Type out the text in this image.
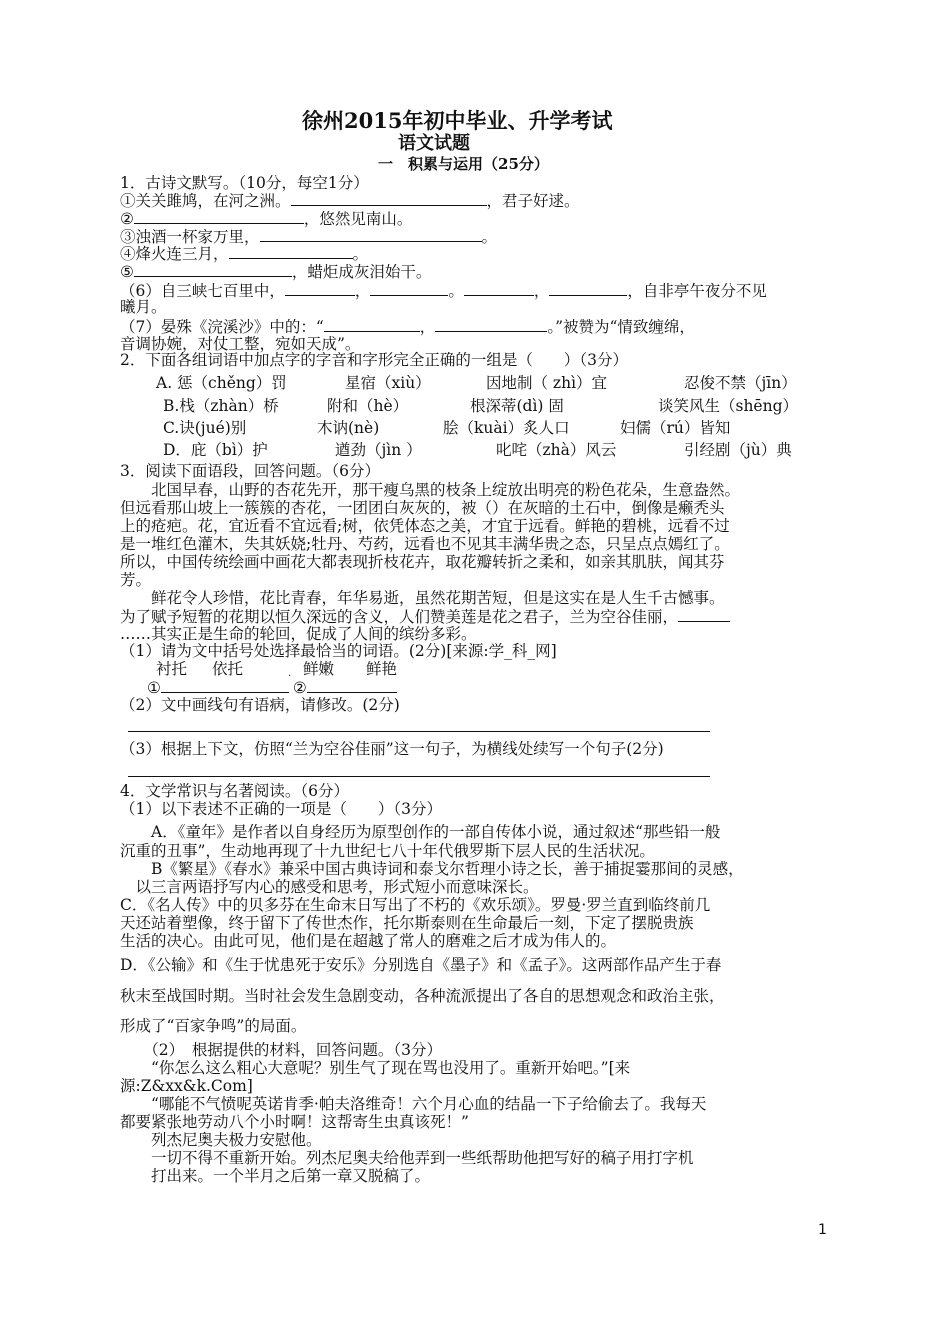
徐州2015年初中毕业、升学考试
语文试题
一　积累与运用（25分）
1．古诗文默写。（10分，每空1分）
①关关雎鸠，在河之洲。	，君子好逑。
②	，悠然见南山。
③浊酒一杯家万里，	。
④烽火连三月，	。
⑤	，蜡炬成灰泪始干。
（6）自三峡七百里中，	，	。	，	，自非亭午夜分不见
曦月。
（7）晏殊《浣溪沙》中的：“	，	。”被赞为“情致缠绵，
音调协婉，对仗工整，宛如天成”。
2．下面各组词语中加点字的字音和字形完全正确的一组是（　　）（3分）
A. 惩（chěng）罚	星宿（xiù）	因地制（ zhì）宜	忍俊不禁（jīn）
B.栈（zhàn）桥	附和（hè）	根深蒂(dì) 固	谈笑风生（shēng）
C.诀(jué)别	木讷(nè)	脍（kuài）炙人口	妇儒（rú）皆知
D．庇（bì）护	遒劲（jìn ）	叱咤（zhà）风云	引经剧（jù）典
3．阅读下面语段，回答问题。（6分）
　　北国早春，山野的杏花先开，那干瘦乌黑的枝条上绽放出明亮的粉色花朵，生意盎然。
但远看那山坡上一簇簇的杏花，一团团白灰灰的，被（）在灰暗的土石中，倒像是癞秃头
上的疮疤。花，宜近看不宜远看;树，依凭体态之美，才宜于远看。鲜艳的碧桃，远看不过
是一堆红色灌木，失其妖娆;牡丹、芍药，远看也不见其丰满华贵之态，只呈点点嫣红了。
所以，中国传统绘画中画花大都表现折枝花卉，取花瓣转折之柔和，如亲其肌肤，闻其芬
芳。
　　鲜花令人珍惜，花比青春，年华易逝，虽然花期苦短，但是这实在是人生千古憾事。
为了赋予短暂的花期以恒久深远的含义，人们赞美莲是花之君子，兰为空谷佳丽，
……其实正是生命的轮回，促成了人间的缤纷多彩。
（1）请为文中括号处选择最恰当的词语。(2分)[来源:学_科_网]
衬托 依托	鲜嫩 鲜艳
.
①	②
（2）文中画线句有语病，请修改。(2分)
（3）根据上下文，仿照“兰为空谷佳丽”这一句子，为横线处续写一个句子(2分)
4．文学常识与名著阅读。（6分）
（1）以下表述不正确的一项是（　　）（3分）
　　A．《童年》是作者以自身经历为原型创作的一部自传体小说，通过叙述“那些铅一般
沉重的丑事”，生动地再现了十九世纪七八十年代俄罗斯下层人民的生活状况。
　　B《繁星》《春水》兼采中国古典诗词和泰戈尔哲理小诗之长，善于捕捉霎那间的灵感，
　以三言两语抒写内心的感受和思考，形式短小而意味深长。
C．《名人传》中的贝多芬在生命末日写出了不朽的《欢乐颂》。罗曼·罗兰直到临终前几
天还站着塑像，终于留下了传世杰作，托尔斯泰则在生命最后一刻，下定了摆脱贵族
生活的决心。由此可见，他们是在超越了常人的磨难之后才成为伟人的。
D．《公输》和《生于忧患死于安乐》分别选自《墨子》和《孟子》。这两部作品产生于春
秋末至战国时期。当时社会发生急剧变动，各种流派提出了各自的思想观念和政治主张，
形成了“百家争鸣”的局面。
　　（2）　根据提供的材料，回答问题。（3分）
　　“你怎么这么粗心大意呢？别生气了现在骂也没用了。重新开始吧。”[来
源:Z&xx&k.Com]
　　“哪能不气愤呢英诺肯季·帕夫洛维奇！六个月心血的结晶一下子给偷去了。我每天
都要紧张地劳动八个小时啊！这帮寄生虫真该死！”
　　列杰尼奥夫极力安慰他。
　　一切不得不重新开始。列杰尼奥夫给他弄到一些纸帮助他把写好的稿子用打字机
　　打出来。一个半月之后第一章又脱稿了。
1
